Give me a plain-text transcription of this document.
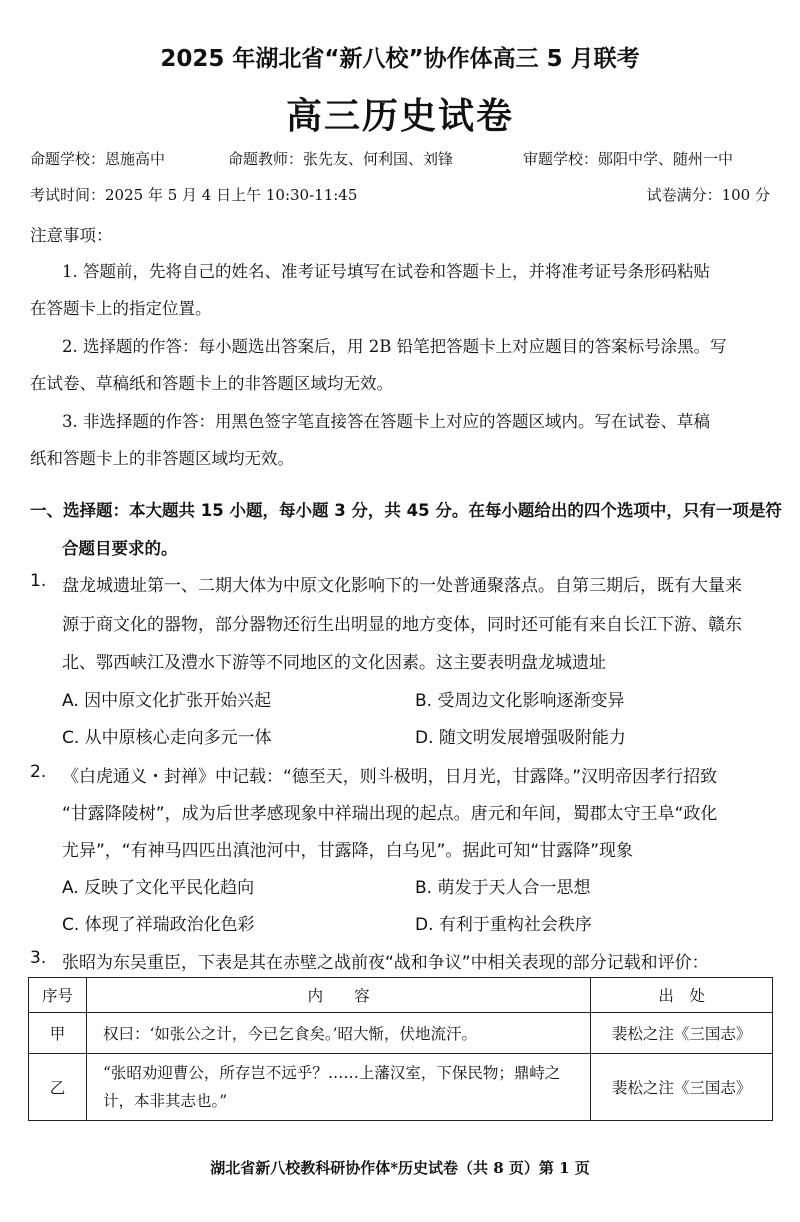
2025 年湖北省“新八校”协作体高三 5 月联考
高三历史试卷
命题学校：恩施高中	命题教师：张先友、何利国、刘锋	审题学校：郧阳中学、随州一中
考试时间：2025 年 5 月 4 日上午 10:30-11:45	试卷满分：100 分
注意事项：
1. 答题前，先将自己的姓名、准考证号填写在试卷和答题卡上，并将准考证号条形码粘贴
在答题卡上的指定位置。
2. 选择题的作答：每小题选出答案后，用 2B 铅笔把答题卡上对应题目的答案标号涂黑。写
在试卷、草稿纸和答题卡上的非答题区域均无效。
3. 非选择题的作答：用黑色签字笔直接答在答题卡上对应的答题区域内。写在试卷、草稿
纸和答题卡上的非答题区域均无效。
一、选择题：本大题共 15 小题，每小题 3 分，共 45 分。在每小题给出的四个选项中，只有一项是符
合题目要求的。
1. 盘龙城遗址第一、二期大体为中原文化影响下的一处普通聚落点。自第三期后，既有大量来
源于商文化的器物，部分器物还衍生出明显的地方变体，同时还可能有来自长江下游、赣东
北、鄂西峡江及澧水下游等不同地区的文化因素。这主要表明盘龙城遗址
A. 因中原文化扩张开始兴起	B. 受周边文化影响逐渐变异
C. 从中原核心走向多元一体	D. 随文明发展增强吸附能力
2. 《白虎通义・封禅》中记载：“德至天，则斗极明，日月光，甘露降。”汉明帝因孝行招致
“甘露降陵树”，成为后世孝感现象中祥瑞出现的起点。唐元和年间，蜀郡太守王阜“政化
尤异”，“有神马四匹出滇池河中，甘露降，白乌见”。据此可知“甘露降”现象
A. 反映了文化平民化趋向	B. 萌发于天人合一思想
C. 体现了祥瑞政治化色彩	D. 有利于重构社会秩序
3. 张昭为东吴重臣，下表是其在赤壁之战前夜“战和争议”中相关表现的部分记载和评价：
序号	内　　容	出　处
甲	权曰：‘如张公之计，今已乞食矣。’昭大惭，伏地流汗。	裴松之注《三国志》
乙	“张昭劝迎曹公，所存岂不远乎？……上藩汉室，下保民物；鼎峙之计，本非其志也。”	裴松之注《三国志》
湖北省新八校教科研协作体*历史试卷（共 8 页）第 1 页
